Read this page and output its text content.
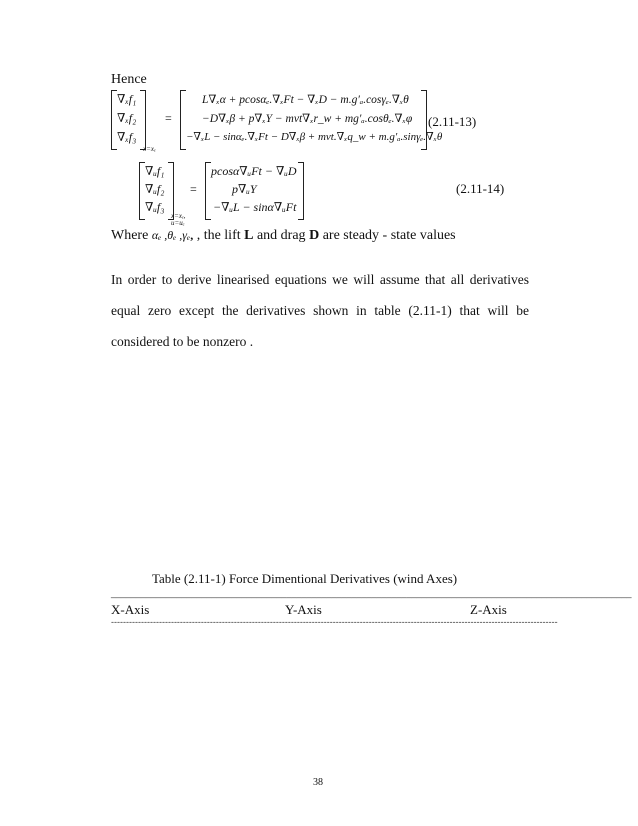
Hence
∇ₓf₁
∇ₓf₂
∇ₓf₃
x=xₑ
=
L∇ₓα + pcosαₑ.∇ₓFt − ∇ₓD − m.g′ₐ.cosγₑ.∇ₓθ
−D∇ₓβ + p∇ₓY − mvt∇ₓr_w + mg′ₐ.cosθₑ.∇ₓφ
−∇ₓL − sinαₑ.∇ₓFt − D∇ₓβ + mvt.∇ₓq_w + m.g′ₐ.sinγₑ.∇ₓθ
(2.11-13)
∇ᵤf₁
∇ᵤf₂
∇ᵤf₃
x=xₑ, u=uₑ
=
pcosα∇ᵤFt − ∇ᵤD
p∇ᵤY
−∇ᵤL − sinα∇ᵤFt
(2.11-14)
Where αₑ ,θₑ ,γₑ, , the lift L and drag D are steady - state values
In order to derive linearised equations we will assume that all derivatives equal zero except the derivatives shown in table (2.11-1) that will be considered to be nonzero .
Table (2.11-1) Force Dimentional Derivatives (wind Axes)
________________________________________________________________________________________________________
X-Axis	Y-Axis	Z-Axis
-----------------------------------------------------------------------------------------------------------------------------------------------------
38
